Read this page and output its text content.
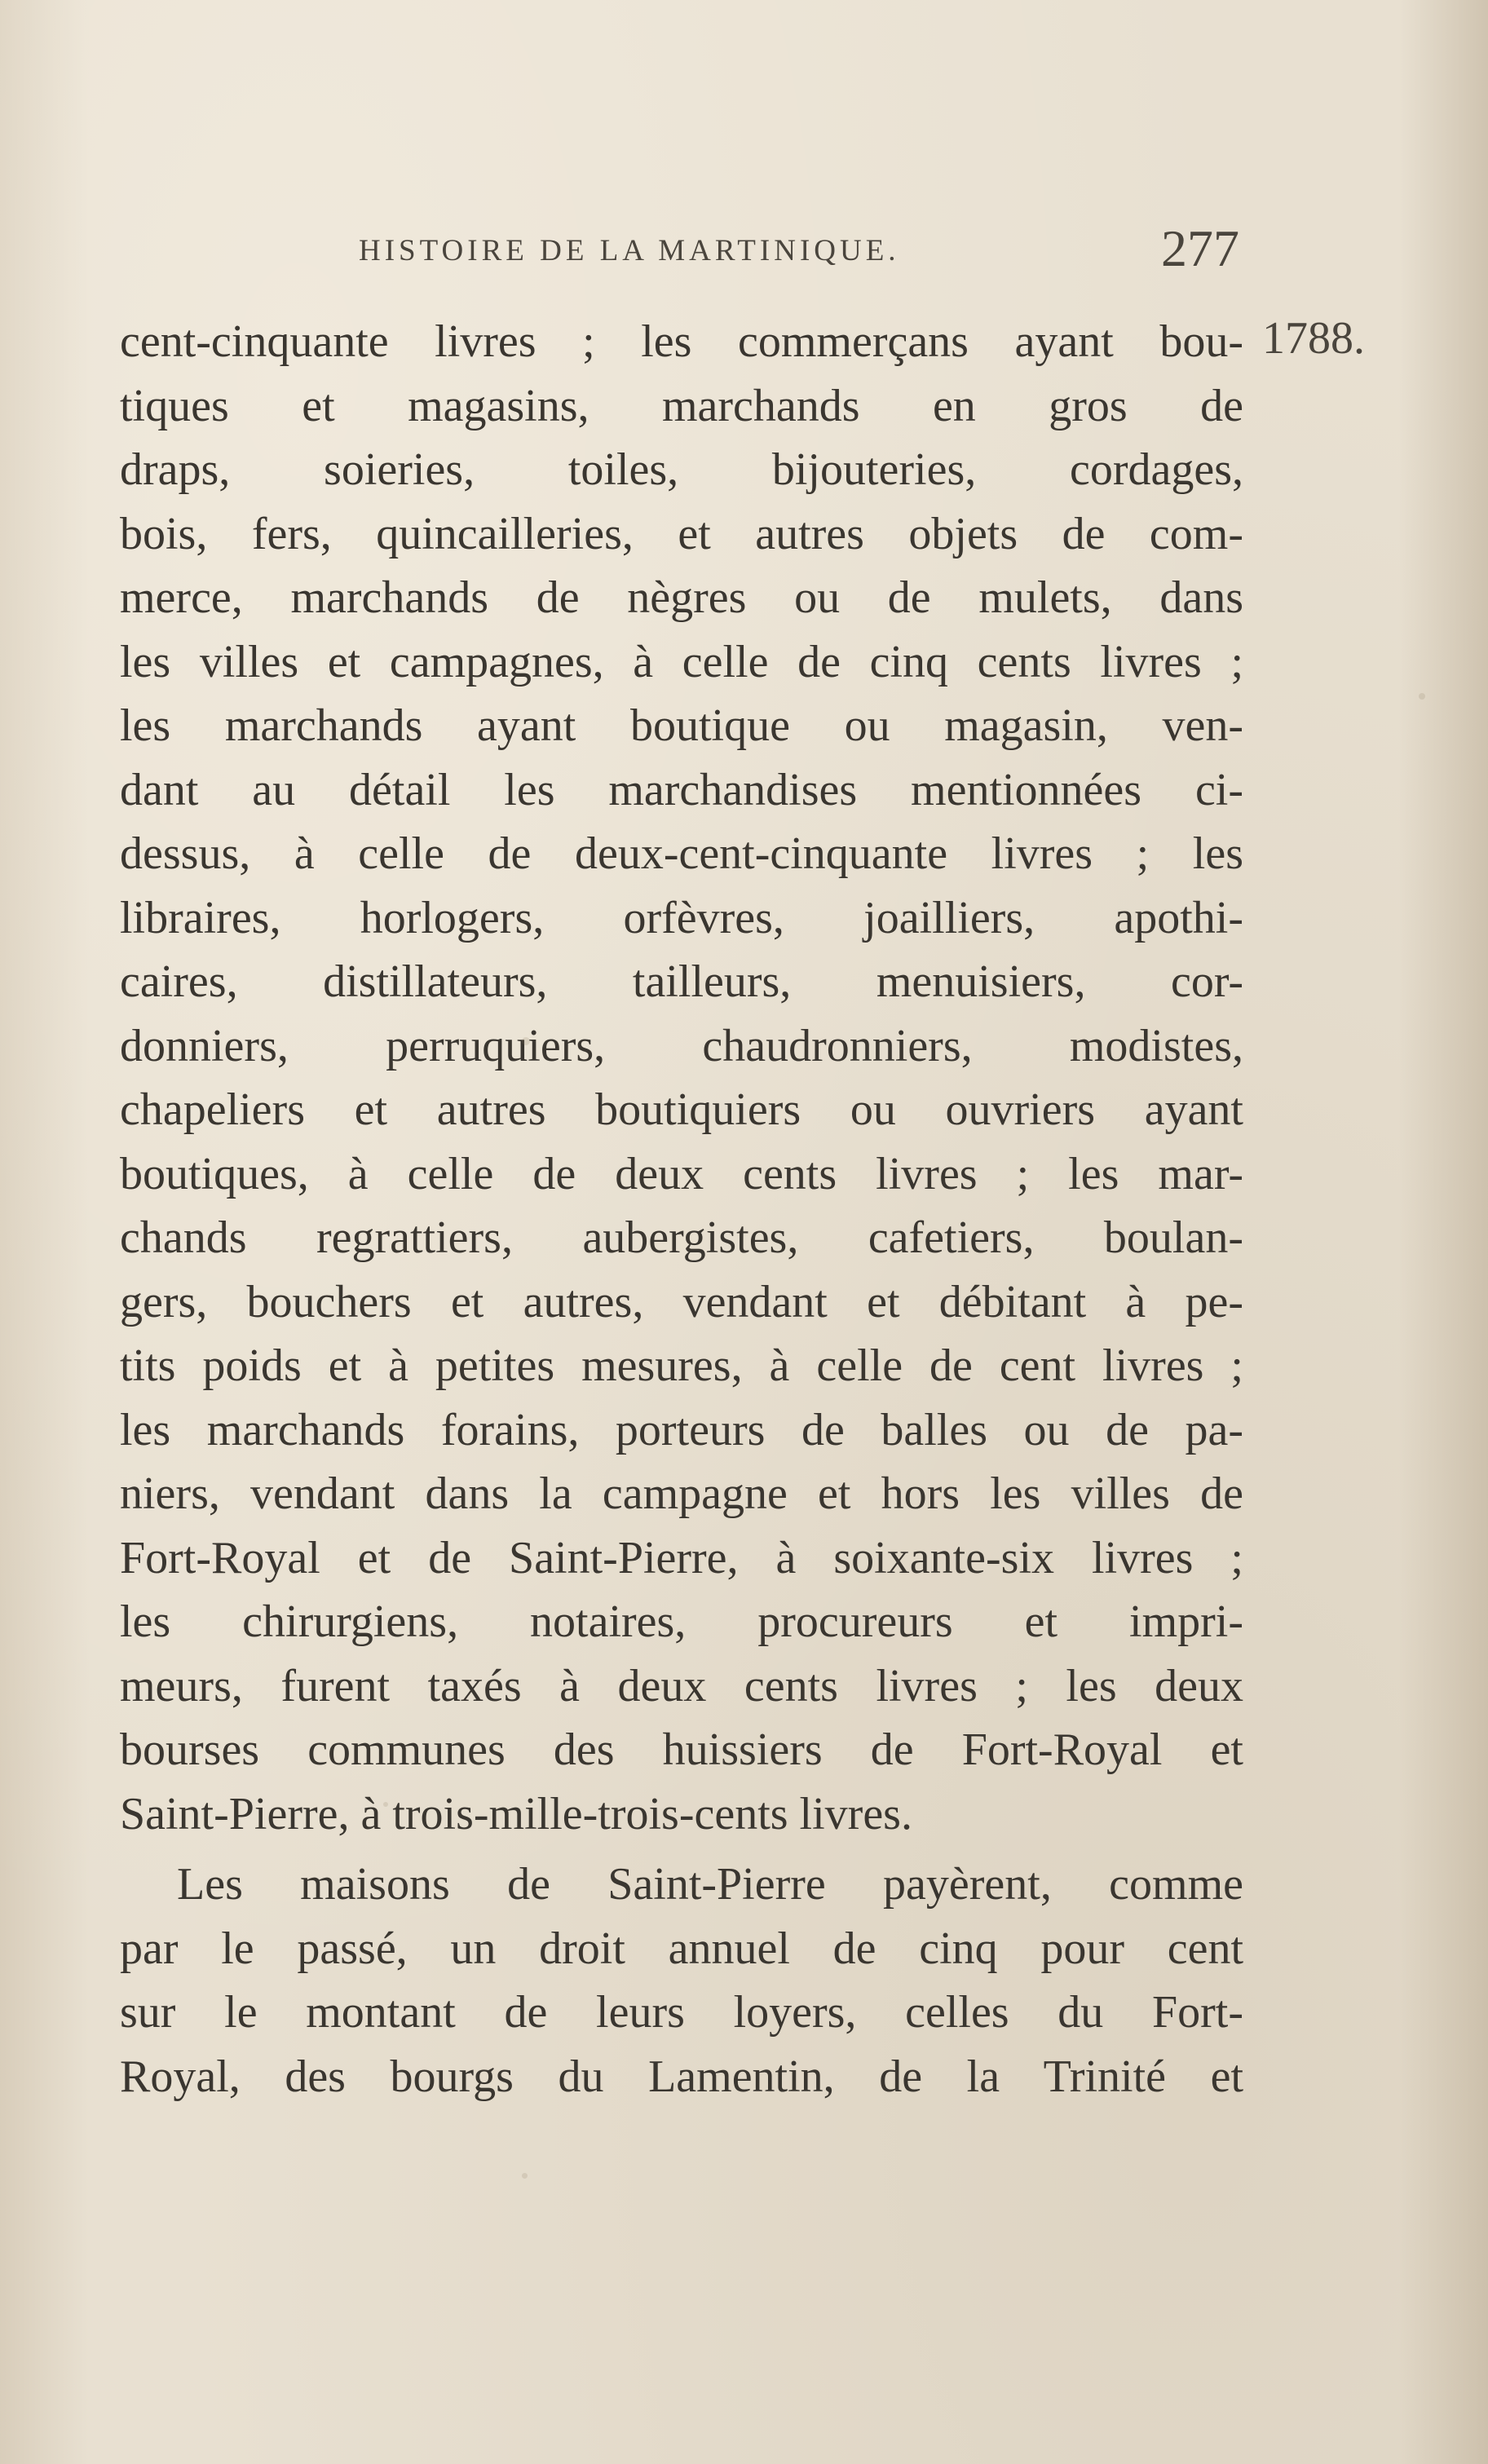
HISTOIRE DE LA MARTINIQUE.	277
1788.
cent-cinquante livres ; les commerçans ayant bou-
tiques et magasins, marchands en gros de
draps, soieries, toiles, bijouteries, cordages,
bois, fers, quincailleries, et autres objets de com-
merce, marchands de nègres ou de mulets, dans
les villes et campagnes, à celle de cinq cents livres ;
les marchands ayant boutique ou magasin, ven-
dant au détail les marchandises mentionnées ci-
dessus, à celle de deux-cent-cinquante livres ; les
libraires, horlogers, orfèvres, joailliers, apothi-
caires, distillateurs, tailleurs, menuisiers, cor-
donniers, perruquiers, chaudronniers, modistes,
chapeliers et autres boutiquiers ou ouvriers ayant
boutiques, à celle de deux cents livres ; les mar-
chands regrattiers, aubergistes, cafetiers, boulan-
gers, bouchers et autres, vendant et débitant à pe-
tits poids et à petites mesures, à celle de cent livres ;
les marchands forains, porteurs de balles ou de pa-
niers, vendant dans la campagne et hors les villes de
Fort-Royal et de Saint-Pierre, à soixante-six livres ;
les chirurgiens, notaires, procureurs et impri-
meurs, furent taxés à deux cents livres ; les deux
bourses communes des huissiers de Fort-Royal et
Saint-Pierre, à trois-mille-trois-cents livres.
Les maisons de Saint-Pierre payèrent, comme
par le passé, un droit annuel de cinq pour cent
sur le montant de leurs loyers, celles du Fort-
Royal, des bourgs du Lamentin, de la Trinité et
